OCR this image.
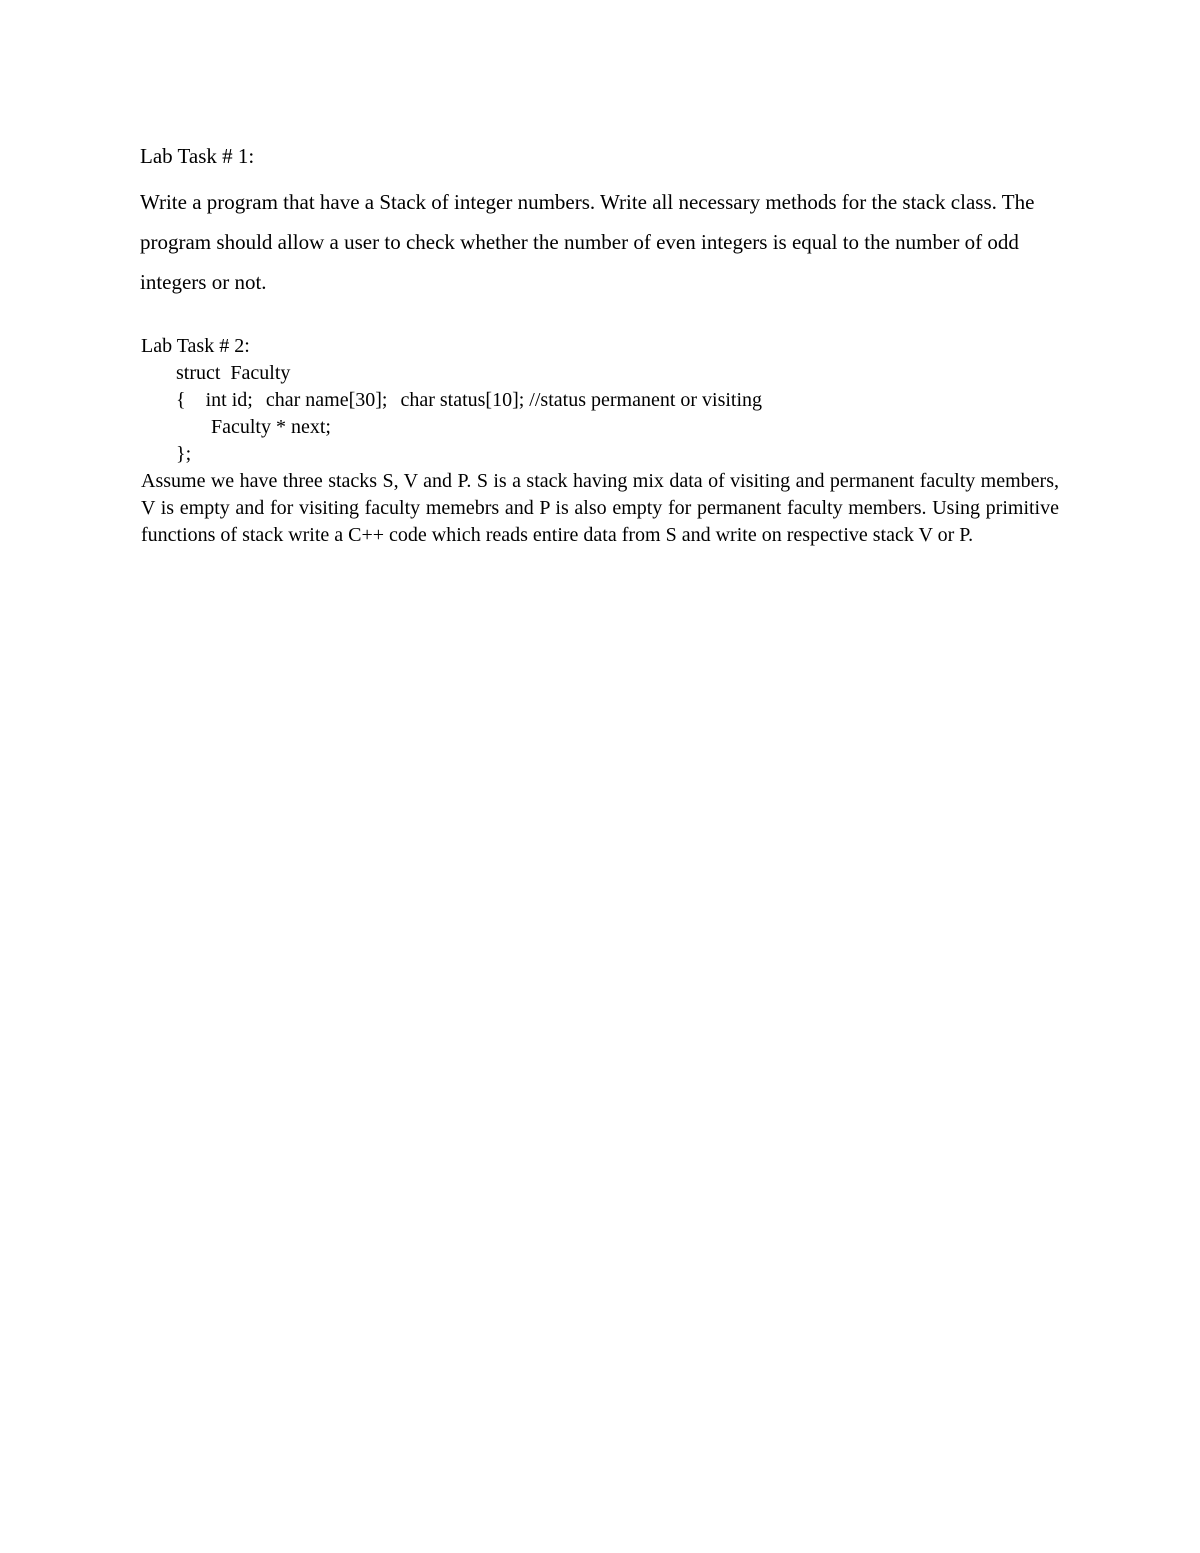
Lab Task # 1:

Write a program that have a Stack of integer numbers. Write all necessary methods for the stack class. The program should allow a user to check whether the number of even integers is equal to the number of odd integers or not.

Lab Task # 2:

struct  Faculty
{ int id; char name[30]; char status[10]; //status permanent or visiting
Faculty * next;
};

Assume we have three stacks S, V and P. S is a stack having mix data of visiting and permanent faculty members, V is empty and for visiting faculty memebrs and P is also empty for permanent faculty members. Using primitive functions of stack write a C++ code which reads entire data from S and write on respective stack V or P.
